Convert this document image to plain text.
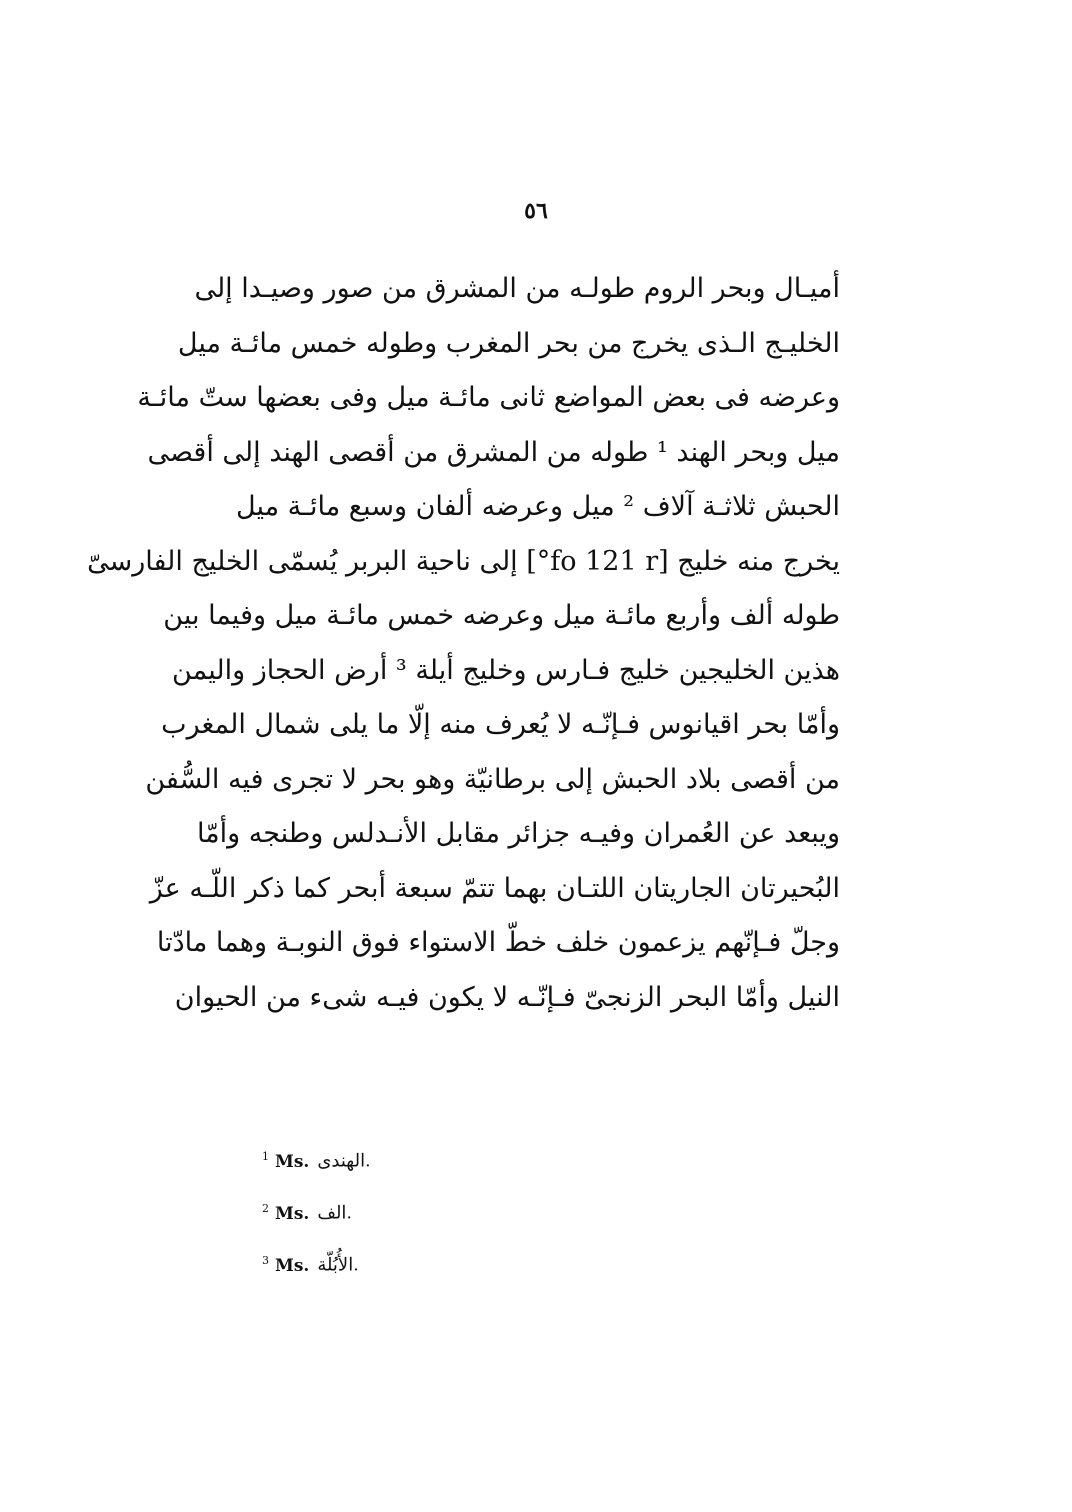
٥٦
أميـال وبحر الروم طولـه من المشرق من صور وصيـدا إلى
الخليـج الـذى يخرج من بحر المغرب وطوله خمس مائـة ميل
وعرضه فى بعض المواضع ثانى مائـة ميل وفى بعضها ستّ مائـة
ميل وبحر الهند ¹ طوله من المشرق من أقصى الهند إلى أقصى
الحبش ثلاثـة آلاف ² ميل وعرضه ألفان وسبع مائـة ميل
يخرج منه خليج [fo 121 r°] إلى ناحية البربر يُسمّى الخليج الفارسىّ
طوله ألف وأربع مائـة ميل وعرضه خمس مائـة ميل وفيما بين
هذين الخليجين خليج فـارس وخليج أيلة ³ أرض الحجاز واليمن
وأمّا بحر اقيانوس فـإنّـه لا يُعرف منه إلّا ما يلى شمال المغرب
من أقصى بلاد الحبش إلى برطانيّة وهو بحر لا تجرى فيه السُّفن
ويبعد عن العُمران وفيـه جزائر مقابل الأنـدلس وطنجه وأمّا
البُحيرتان الجاريتان اللتـان بهما تتمّ سبعة أبحر كما ذكر اللّـه عزّ
وجلّ فـإنّهم يزعمون خلف خطّ الاستواء فوق النوبـة وهما مادّتا
النيل وأمّا البحر الزنجىّ فـإنّـه لا يكون فيـه شىء من الحيوان
$^1$ Ms. الهندى.
$^2$ Ms. الف.
$^3$ Ms. الأُبُلّة.
